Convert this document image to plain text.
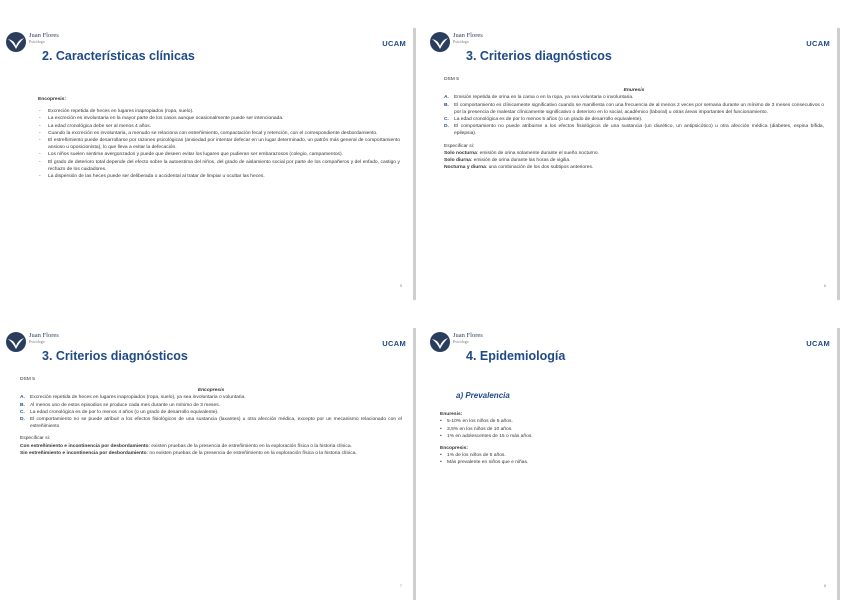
Juan Flores
Psicólogo	UCAM
2. Características clínicas
Encopresis:
- Excreción repetida de heces en lugares inapropiados (ropa, suelo).
- La excreción es involuntaria en la mayor parte de los casos aunque ocasionalmente puede ser intencionada.
- La edad cronológica debe ser al menos 4 años.
- Cuando la excreción es involuntaria, a menudo se relaciona con estreñimiento, compactación fecal y retención, con el correspondiente desbordamiento.
- El estreñimiento puede desarrollarse por razones psicológicas (ansiedad por intentar defecar en un lugar determinado, un patrón más general de comportamiento ansioso u oposicionista), lo que lleva a evitar la defecación.
- Los niños suelen sentirse avergonzados y puede que deseen evitar los lugares que pudieran ser embarazosos (colegio, campamentos).
- El grado de deterioro total depende del efecto sobre la autoestima del niños, del grado de aislamiento social por parte de los compañeros y del enfado, castigo y rechazo de los cuidadores.
- La dispersión de las heces puede ser deliberada o accidental al tratar de limpiar u ocultar las heces.
5
Juan Flores
Psicólogo	UCAM
3. Criterios diagnósticos
DSM 5
Enuresis
A. Emisión repetida de orina en la cama o en la ropa, ya sea voluntaria o involuntaria.
B. El comportamiento es clínicamente significativo cuando se manifiesta con una frecuencia de al menos 2 veces por semana durante un mínimo de 3 meses consecutivos o por la presencia de malestar clínicamente significativo o deterioro en lo social, académico (laboral) u otras áreas importantes del funcionamiento.
C. La edad cronológica es de por lo menos 5 años (o un grado de desarrollo equivalente).
D. El comportamiento no puede atribuirse a los efectos fisiológicos de una sustancia (un diurético, un antipsicótico) u otra afección médica (diabetes, espina bífida, epilepsia).
Especificar si:

Solo nocturna: emisión de orina solamente durante el sueño nocturno.

Solo diurna: emisión de orina durante las horas de vigilia.

Nocturna y diurna: una combinación de los dos subtipos anteriores.

6
Juan Flores
Psicólogo	UCAM
3. Criterios diagnósticos
DSM 5
Encopresis
A. Excreción repetida de heces en lugares inapropiados (ropa, suelo), ya sea involuntaria o voluntaria.
B. Al menos uno de estos episodios se produce cada mes durante un mínimo de 3 meses.
C. La edad cronológica es de por lo menos 4 años (o un grado de desarrollo equivalente).
D. El comportamiento no se puede atribuir a los efectos fisiológicos de una sustancia (laxantes) u otra afección médica, excepto por un mecanismo relacionado con el estreñimiento
Especificar si:

Con estreñimiento e incontinencia por desbordamiento: existen pruebas de la presencia de estreñimiento en la exploración física o la historia clínica.

Sin estreñimiento e incontinencia por desbordamiento: no existen pruebas de la presencia de estreñimiento en la exploración física o la historia clínica.

7
Juan Flores
Psicólogo	UCAM
4. Epidemiología
a) Prevalencia
Enuresis:
• 5-10% en los niños de 5 años.
• 3,5% en los niños de 10 años.
• 1% en adolescentes de 15 o más años.
Encopresis:
• 1% de los niños de 5 años.
• Más prevalente en niños que e niñas.
8
